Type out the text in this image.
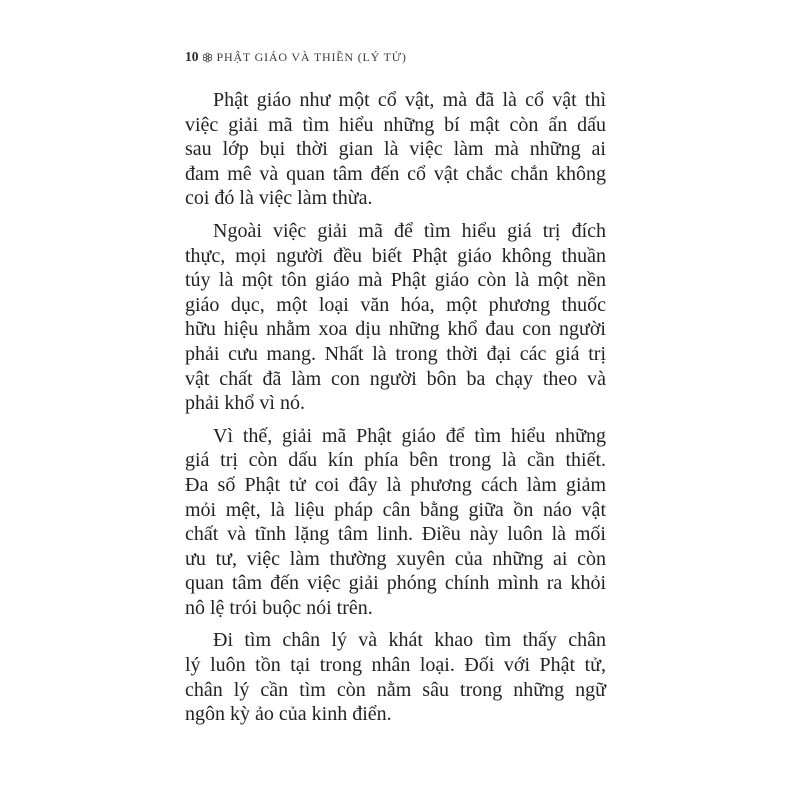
10 PHẬT GIÁO VÀ THIỀN (LÝ TỬ)
Phật giáo như một cổ vật, mà đã là cổ vật thì
việc giải mã tìm hiểu những bí mật còn ẩn dấu
sau lớp bụi thời gian là việc làm mà những ai
đam mê và quan tâm đến cổ vật chắc chắn không
coi đó là việc làm thừa.
Ngoài việc giải mã để tìm hiểu giá trị đích
thực, mọi người đều biết Phật giáo không thuần
túy là một tôn giáo mà Phật giáo còn là một nền
giáo dục, một loại văn hóa, một phương thuốc
hữu hiệu nhằm xoa dịu những khổ đau con người
phải cưu mang. Nhất là trong thời đại các giá trị
vật chất đã làm con người bôn ba chạy theo và
phải khổ vì nó.
Vì thế, giải mã Phật giáo để tìm hiểu những
giá trị còn dấu kín phía bên trong là cần thiết.
Đa số Phật tử coi đây là phương cách làm giảm
mỏi mệt, là liệu pháp cân bằng giữa ồn náo vật
chất và tĩnh lặng tâm linh. Điều này luôn là mối
ưu tư, việc làm thường xuyên của những ai còn
quan tâm đến việc giải phóng chính mình ra khỏi
nô lệ trói buộc nói trên.
Đi tìm chân lý và khát khao tìm thấy chân
lý luôn tồn tại trong nhân loại. Đối với Phật tử,
chân lý cần tìm còn nằm sâu trong những ngữ
ngôn kỳ ảo của kinh điển.
